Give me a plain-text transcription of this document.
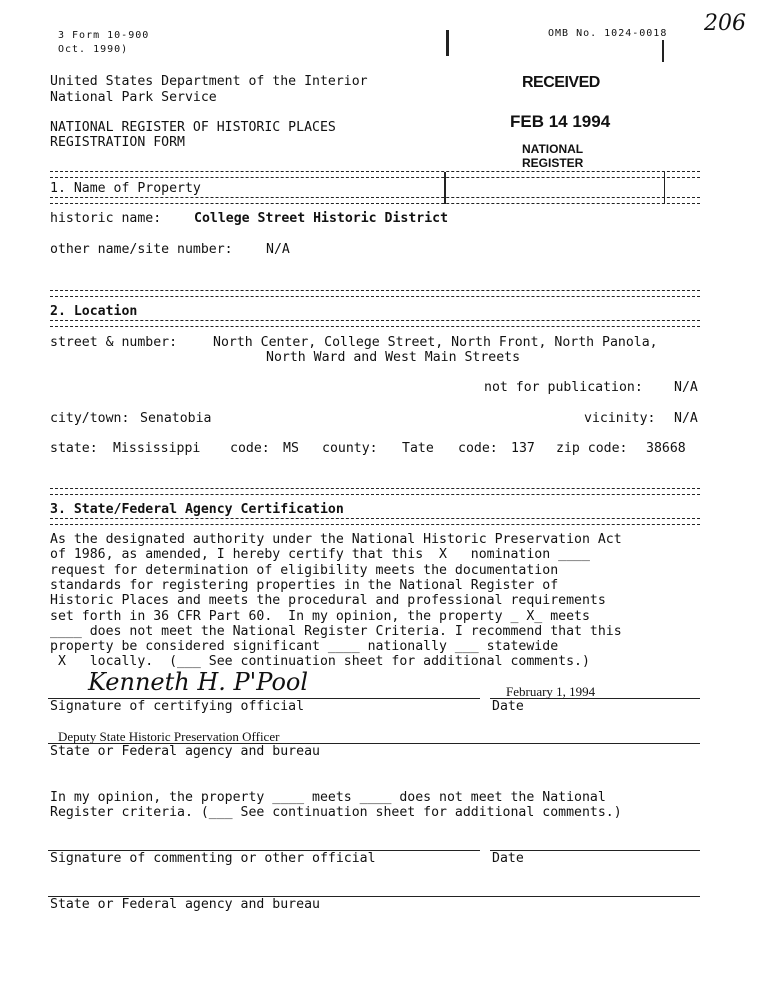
3 Form 10-900
Oct. 1990)
OMB No. 1024-0018 206
United States Department of the Interior
National Park Service
NATIONAL REGISTER OF HISTORIC PLACES
REGISTRATION FORM
RECEIVED
FEB 14 1994
NATIONAL
REGISTER
1. Name of Property
historic name: College Street Historic District
other name/site number:	N/A
2. Location
street & number:	North Center, College Street, North Front, North Panola,
North Ward and West Main Streets
not for publication: N/A
city/town: Senatobia	vicinity: N/A
state: Mississippi code: MS county: Tate code: 137 zip code: 38668
3. State/Federal Agency Certification
As the designated authority under the National Historic Preservation Act
of 1986, as amended, I hereby certify that this  X   nomination ____
request for determination of eligibility meets the documentation
standards for registering properties in the National Register of
Historic Places and meets the procedural and professional requirements
set forth in 36 CFR Part 60.  In my opinion, the property _ X_ meets
____ does not meet the National Register Criteria. I recommend that this
property be considered significant ____ nationally ___ statewide
X   locally.  (___ See continuation sheet for additional comments.)
Kenneth H. P'Pool	February 1, 1994
Signature of certifying official	Date
Deputy State Historic Preservation Officer
State or Federal agency and bureau
In my opinion, the property ____ meets ____ does not meet the National
Register criteria. (___ See continuation sheet for additional comments.)
Signature of commenting or other official	Date
State or Federal agency and bureau
